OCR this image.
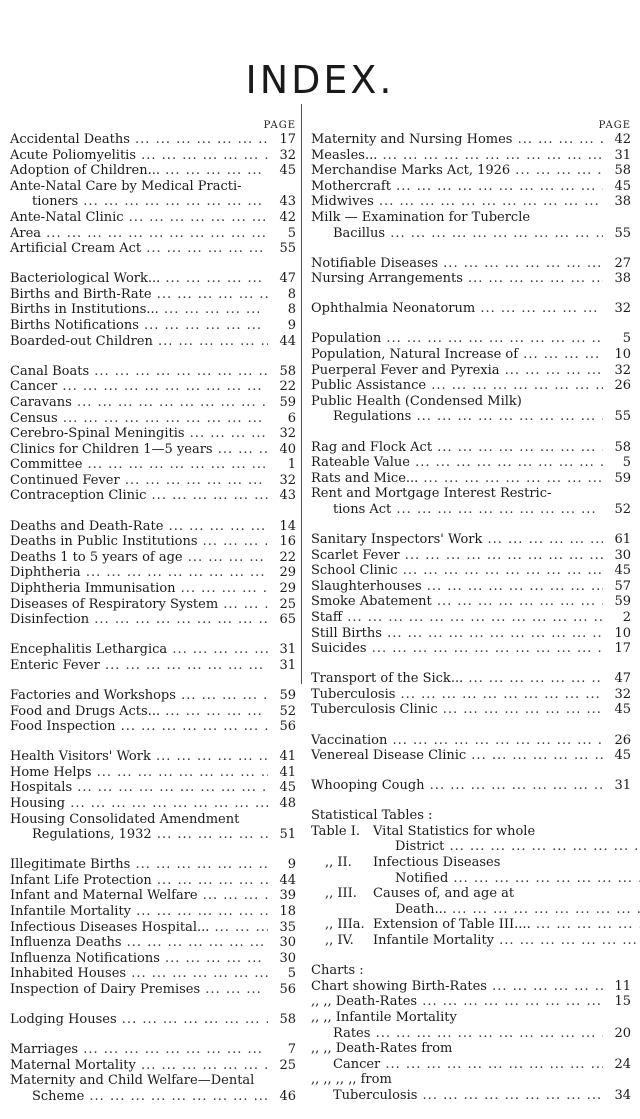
INDEX.
PAGE
Accidental Deaths ... .	17
Acute Poliomyelitis ... .	32
Adoption of Children... ... .	45
Ante-Natal Care by Medical Practi-
tioners ... .	43
Ante-Natal Clinic ... .	42
Area ... .	5
Artificial Cream Act ... .	55
Bacteriological Work... ... .	47
Births and Birth-Rate ... .	8
Births in Institutions... ... .	8
Births Notifications ... .	9
Boarded-out Children ... .	44
Canal Boats ... .	58
Cancer ... .	22
Caravans ... .	59
Census ... .	6
Cerebro-Spinal Meningitis ... .	32
Clinics for Children 1—5 years ... .	40
Committee ... .	1
Continued Fever ... .	32
Contraception Clinic ... .	43
Deaths and Death-Rate ... .	14
Deaths in Public Institutions ... .	16
Deaths 1 to 5 years of age ... .	22
Diphtheria ... .	29
Diphtheria Immunisation ... .	29
Diseases of Respiratory System ... .	25
Disinfection ... .	65
Encephalitis Lethargica ... .	31
Enteric Fever ... .	31
Factories and Workshops ... .	59
Food and Drugs Acts... ... .	52
Food Inspection ... .	56
Health Visitors' Work ... .	41
Home Helps ... .	41
Hospitals ... .	45
Housing ... .	48
Housing Consolidated Amendment
Regulations, 1932 ... .	51
Illegitimate Births ... .	9
Infant Life Protection ... .	44
Infant and Maternal Welfare ... .	39
Infantile Mortality ... .	18
Infectious Diseases Hospital... ... .	35
Influenza Deaths ... .	30
Influenza Notifications ... .	30
Inhabited Houses ... .	5
Inspection of Dairy Premises ... .	56
Lodging Houses ... .	58
Marriages ... .	7
Maternal Mortality ... .	25
Maternity and Child Welfare—Dental
Scheme ... .	46
PAGE
Maternity and Nursing Homes ... .	42
Measles... ... .	31
Merchandise Marks Act, 1926 ... .	58
Mothercraft ... .	45
Midwives ... .	38
Milk — Examination for Tubercle
Bacillus ... .	55
Notifiable Diseases ... .	27
Nursing Arrangements ... .	38
Ophthalmia Neonatorum ... .	32
Population ... .	5
Population, Natural Increase of ... .	10
Puerperal Fever and Pyrexia ... .	32
Public Assistance ... .	26
Public Health (Condensed Milk)
Regulations ... .	55
Rag and Flock Act ... .	58
Rateable Value ... .	5
Rats and Mice... ... .	59
Rent and Mortgage Interest Restric-
tions Act ... .	52
Sanitary Inspectors' Work ... .	61
Scarlet Fever ... .	30
School Clinic ... .	45
Slaughterhouses ... .	57
Smoke Abatement ... .	59
Staff ... .	2
Still Births ... .	10
Suicides ... .	17
Transport of the Sick... ... .	47
Tuberculosis ... .	32
Tuberculosis Clinic ... .	45
Vaccination ... .	26
Venereal Disease Clinic ... .	45
Whooping Cough ... .	31
Statistical Tables :
Table I.	Vital Statistics for whole
District ... .
,, II.	Infectious Diseases
Notified ... .
,, III.	Causes of, and age at
Death... ... .
,, IIIa. Extension of Table III.... ... .
,, IV.	Infantile Mortality ... .
Charts :
Chart showing Birth-Rates ... .	11
,, ,, Death-Rates ... .	15
,, ,, Infantile Mortality
Rates ... .	20
,, ,, Death-Rates from
Cancer ... .	24
,, ,, ,, ,, from
Tuberculosis ... .	34
